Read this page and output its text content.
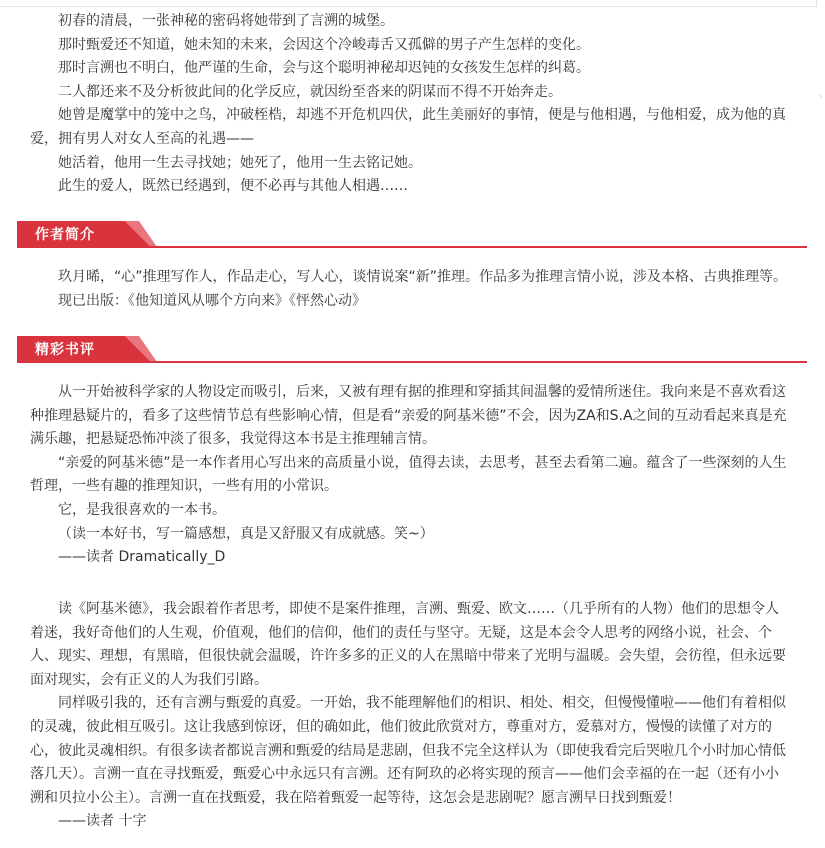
›

初春的清晨，一张神秘的密码将她带到了言溯的城堡。

那时甄爱还不知道，她未知的未来，会因这个冷峻毒舌又孤僻的男子产生怎样的变化。

那时言溯也不明白，他严谨的生命，会与这个聪明神秘却迟钝的女孩发生怎样的纠葛。

二人都还来不及分析彼此间的化学反应，就因纷至沓来的阴谋而不得不开始奔走。

她曾是魔掌中的笼中之鸟，冲破桎梏，却逃不开危机四伏，此生美丽好的事情，便是与他相遇，与他相爱，成为他的真爱，拥有男人对女人至高的礼遇——

她活着，他用一生去寻找她；她死了，他用一生去铭记她。

此生的爱人，既然已经遇到，便不必再与其他人相遇……

作者简介

玖月晞，“心”推理写作人，作品走心，写人心，谈情说案“新”推理。作品多为推理言情小说，涉及本格、古典推理等。

现已出版：《他知道风从哪个方向来》《怦然心动》

精彩书评

从一开始被科学家的人物设定而吸引，后来，又被有理有据的推理和穿插其间温馨的爱情所迷住。我向来是不喜欢看这种推理悬疑片的，看多了这些情节总有些影响心情，但是看“亲爱的阿基米德”不会，因为ZA和S.A之间的互动看起来真是充满乐趣，把悬疑恐怖冲淡了很多，我觉得这本书是主推理辅言情。

“亲爱的阿基米德”是一本作者用心写出来的高质量小说，值得去读，去思考，甚至去看第二遍。蕴含了一些深刻的人生哲理，一些有趣的推理知识，一些有用的小常识。

它，是我很喜欢的一本书。

（读一本好书，写一篇感想，真是又舒服又有成就感。笑~）

——读者 Dramatically_D

读《阿基米德》，我会跟着作者思考，即使不是案件推理，言溯、甄爱、欧文……（几乎所有的人物）他们的思想令人着迷，我好奇他们的人生观，价值观，他们的信仰，他们的责任与坚守。无疑，这是本会令人思考的网络小说，社会、个人、现实、理想，有黑暗，但很快就会温暖，许许多多的正义的人在黑暗中带来了光明与温暖。会失望，会彷徨，但永远要面对现实，会有正义的人为我们引路。

同样吸引我的，还有言溯与甄爱的真爱。一开始，我不能理解他们的相识、相处、相交，但慢慢懂啦——他们有着相似的灵魂，彼此相互吸引。这让我感到惊讶，但的确如此，他们彼此欣赏对方，尊重对方，爱慕对方，慢慢的读懂了对方的心，彼此灵魂相织。有很多读者都说言溯和甄爱的结局是悲剧，但我不完全这样认为（即使我看完后哭啦几个小时加心情低落几天）。言溯一直在寻找甄爱，甄爱心中永远只有言溯。还有阿玖的必将实现的预言——他们会幸福的在一起（还有小小溯和贝拉小公主）。言溯一直在找甄爱，我在陪着甄爱一起等待，这怎会是悲剧呢？愿言溯早日找到甄爱！

——读者 十字
